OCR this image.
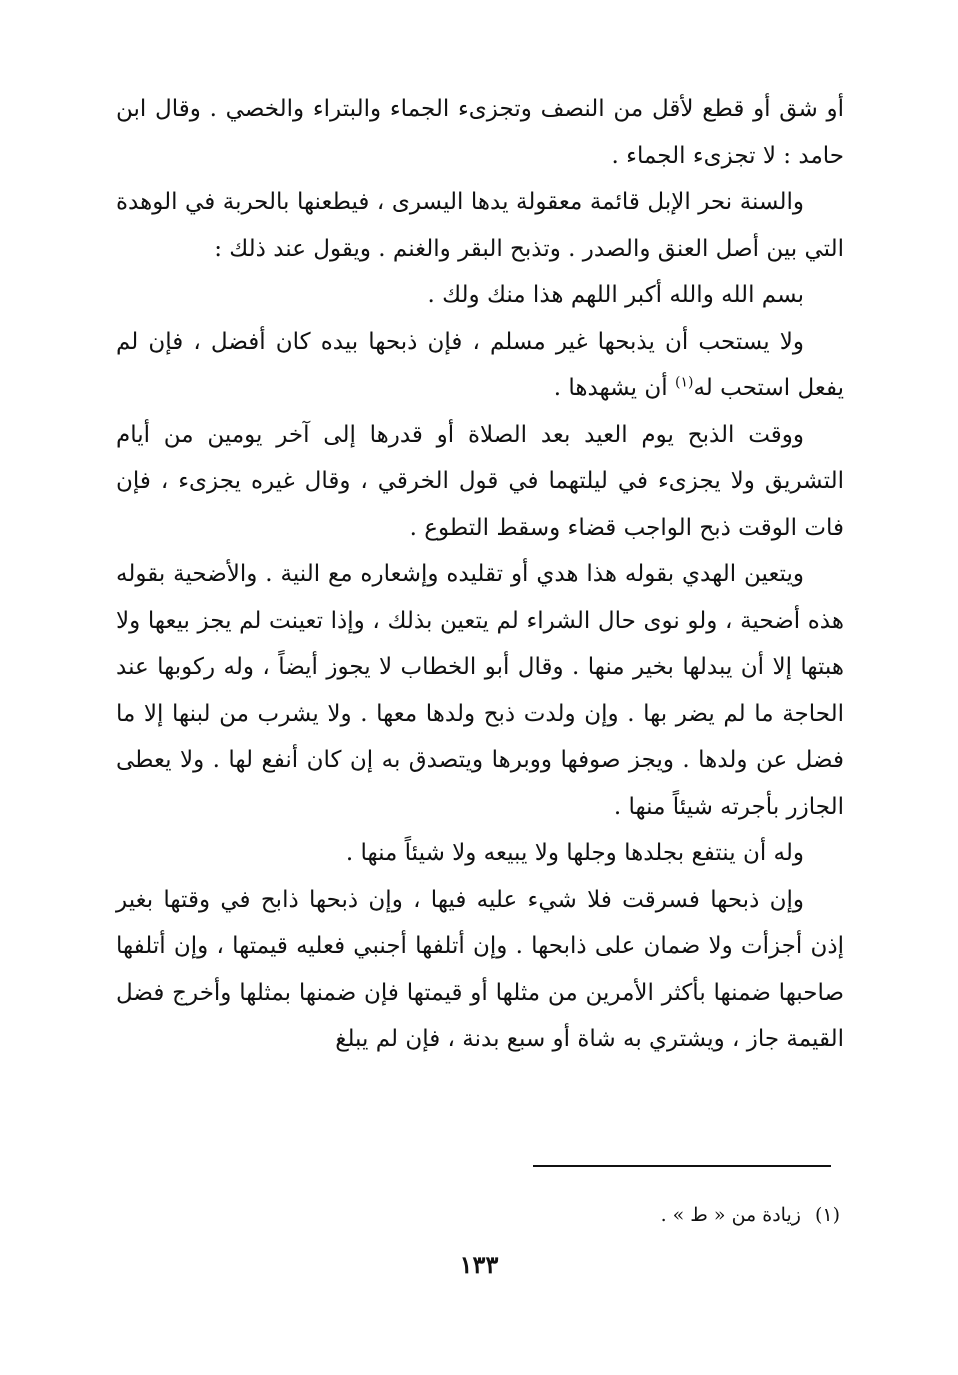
أو شق أو قطع لأقل من النصف وتجزىء الجماء والبتراء والخصي . وقال ابن حامد : لا تجزىء الجماء .

والسنة نحر الإبل قائمة معقولة يدها اليسرى ، فيطعنها بالحربة في الوهدة التي بين أصل العنق والصدر . وتذبح البقر والغنم . ويقول عند ذلك :

بسم الله والله أكبر اللهم هذا منك ولك .

ولا يستحب أن يذبحها غير مسلم ، فإن ذبحها بيده كان أفضل ، فإن لم يفعل استحب له$^{(١)}$ أن يشهدها .

ووقت الذبح يوم العيد بعد الصلاة أو قدرها إلى آخر يومين من أيام التشريق ولا يجزىء في ليلتهما في قول الخرقي ، وقال غيره يجزىء ، فإن فات الوقت ذبح الواجب قضاء وسقط التطوع .

ويتعين الهدي بقوله هذا هدي أو تقليده وإشعاره مع النية . والأضحية بقوله هذه أضحية ، ولو نوى حال الشراء لم يتعين بذلك ، وإذا تعينت لم يجز بيعها ولا هبتها إلا أن يبدلها بخير منها . وقال أبو الخطاب لا يجوز أيضاً ، وله ركوبها عند الحاجة ما لم يضر بها . وإن ولدت ذبح ولدها معها . ولا يشرب من لبنها إلا ما فضل عن ولدها . ويجز صوفها ووبرها ويتصدق به إن كان أنفع لها . ولا يعطى الجازر بأجرته شيئاً منها .

وله أن ينتفع بجلدها وجلها ولا يبيعه ولا شيئاً منها .

وإن ذبحها فسرقت فلا شيء عليه فيها ، وإن ذبحها ذابح في وقتها بغير إذن أجزأت ولا ضمان على ذابحها . وإن أتلفها أجنبي فعليه قيمتها ، وإن أتلفها صاحبها ضمنها بأكثر الأمرين من مثلها أو قيمتها فإن ضمنها بمثلها وأخرج فضل القيمة جاز ، ويشتري به شاة أو سبع بدنة ، فإن لم يبلغ

(١)زيادة من « ط » .
١٣٣
